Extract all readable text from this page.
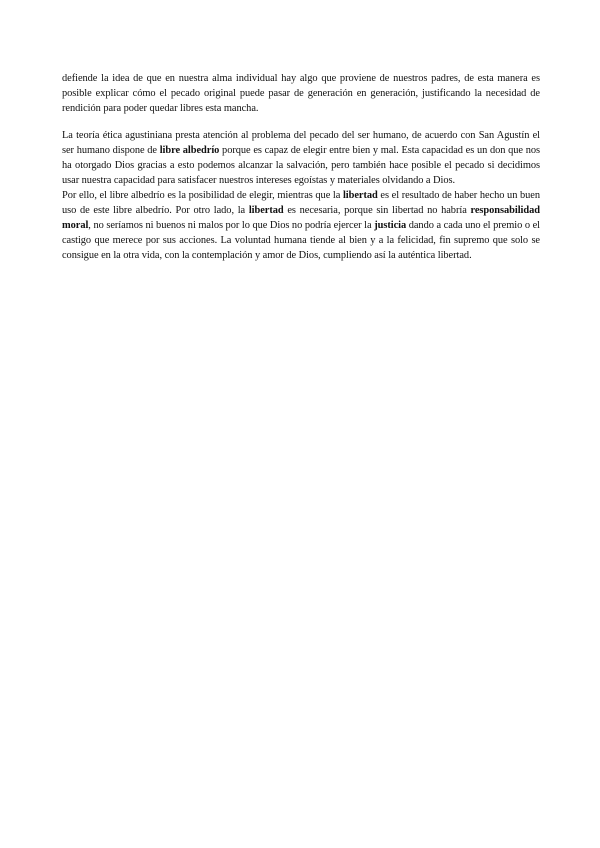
defiende la idea de que en nuestra alma individual hay algo que proviene de nuestros padres, de esta manera es posible explicar cómo el pecado original puede pasar de generación en generación, justificando la necesidad de rendición para poder quedar libres esta mancha.

La teoría ética agustiniana presta atención al problema del pecado del ser humano, de acuerdo con San Agustín el ser humano dispone de libre albedrío porque es capaz de elegir entre bien y mal. Esta capacidad es un don que nos ha otorgado Dios gracias a esto podemos alcanzar la salvación, pero también hace posible el pecado si decidimos usar nuestra capacidad para satisfacer nuestros intereses egoístas y materiales olvidando a Dios.

Por ello, el libre albedrío es la posibilidad de elegir, mientras que la libertad es el resultado de haber hecho un buen uso de este libre albedrío. Por otro lado, la libertad es necesaria, porque sin libertad no habría responsabilidad moral, no seríamos ni buenos ni malos por lo que Dios no podría ejercer la justicia dando a cada uno el premio o el castigo que merece por sus acciones. La voluntad humana tiende al bien y a la felicidad, fin supremo que solo se consigue en la otra vida, con la contemplación y amor de Dios, cumpliendo así la auténtica libertad.
